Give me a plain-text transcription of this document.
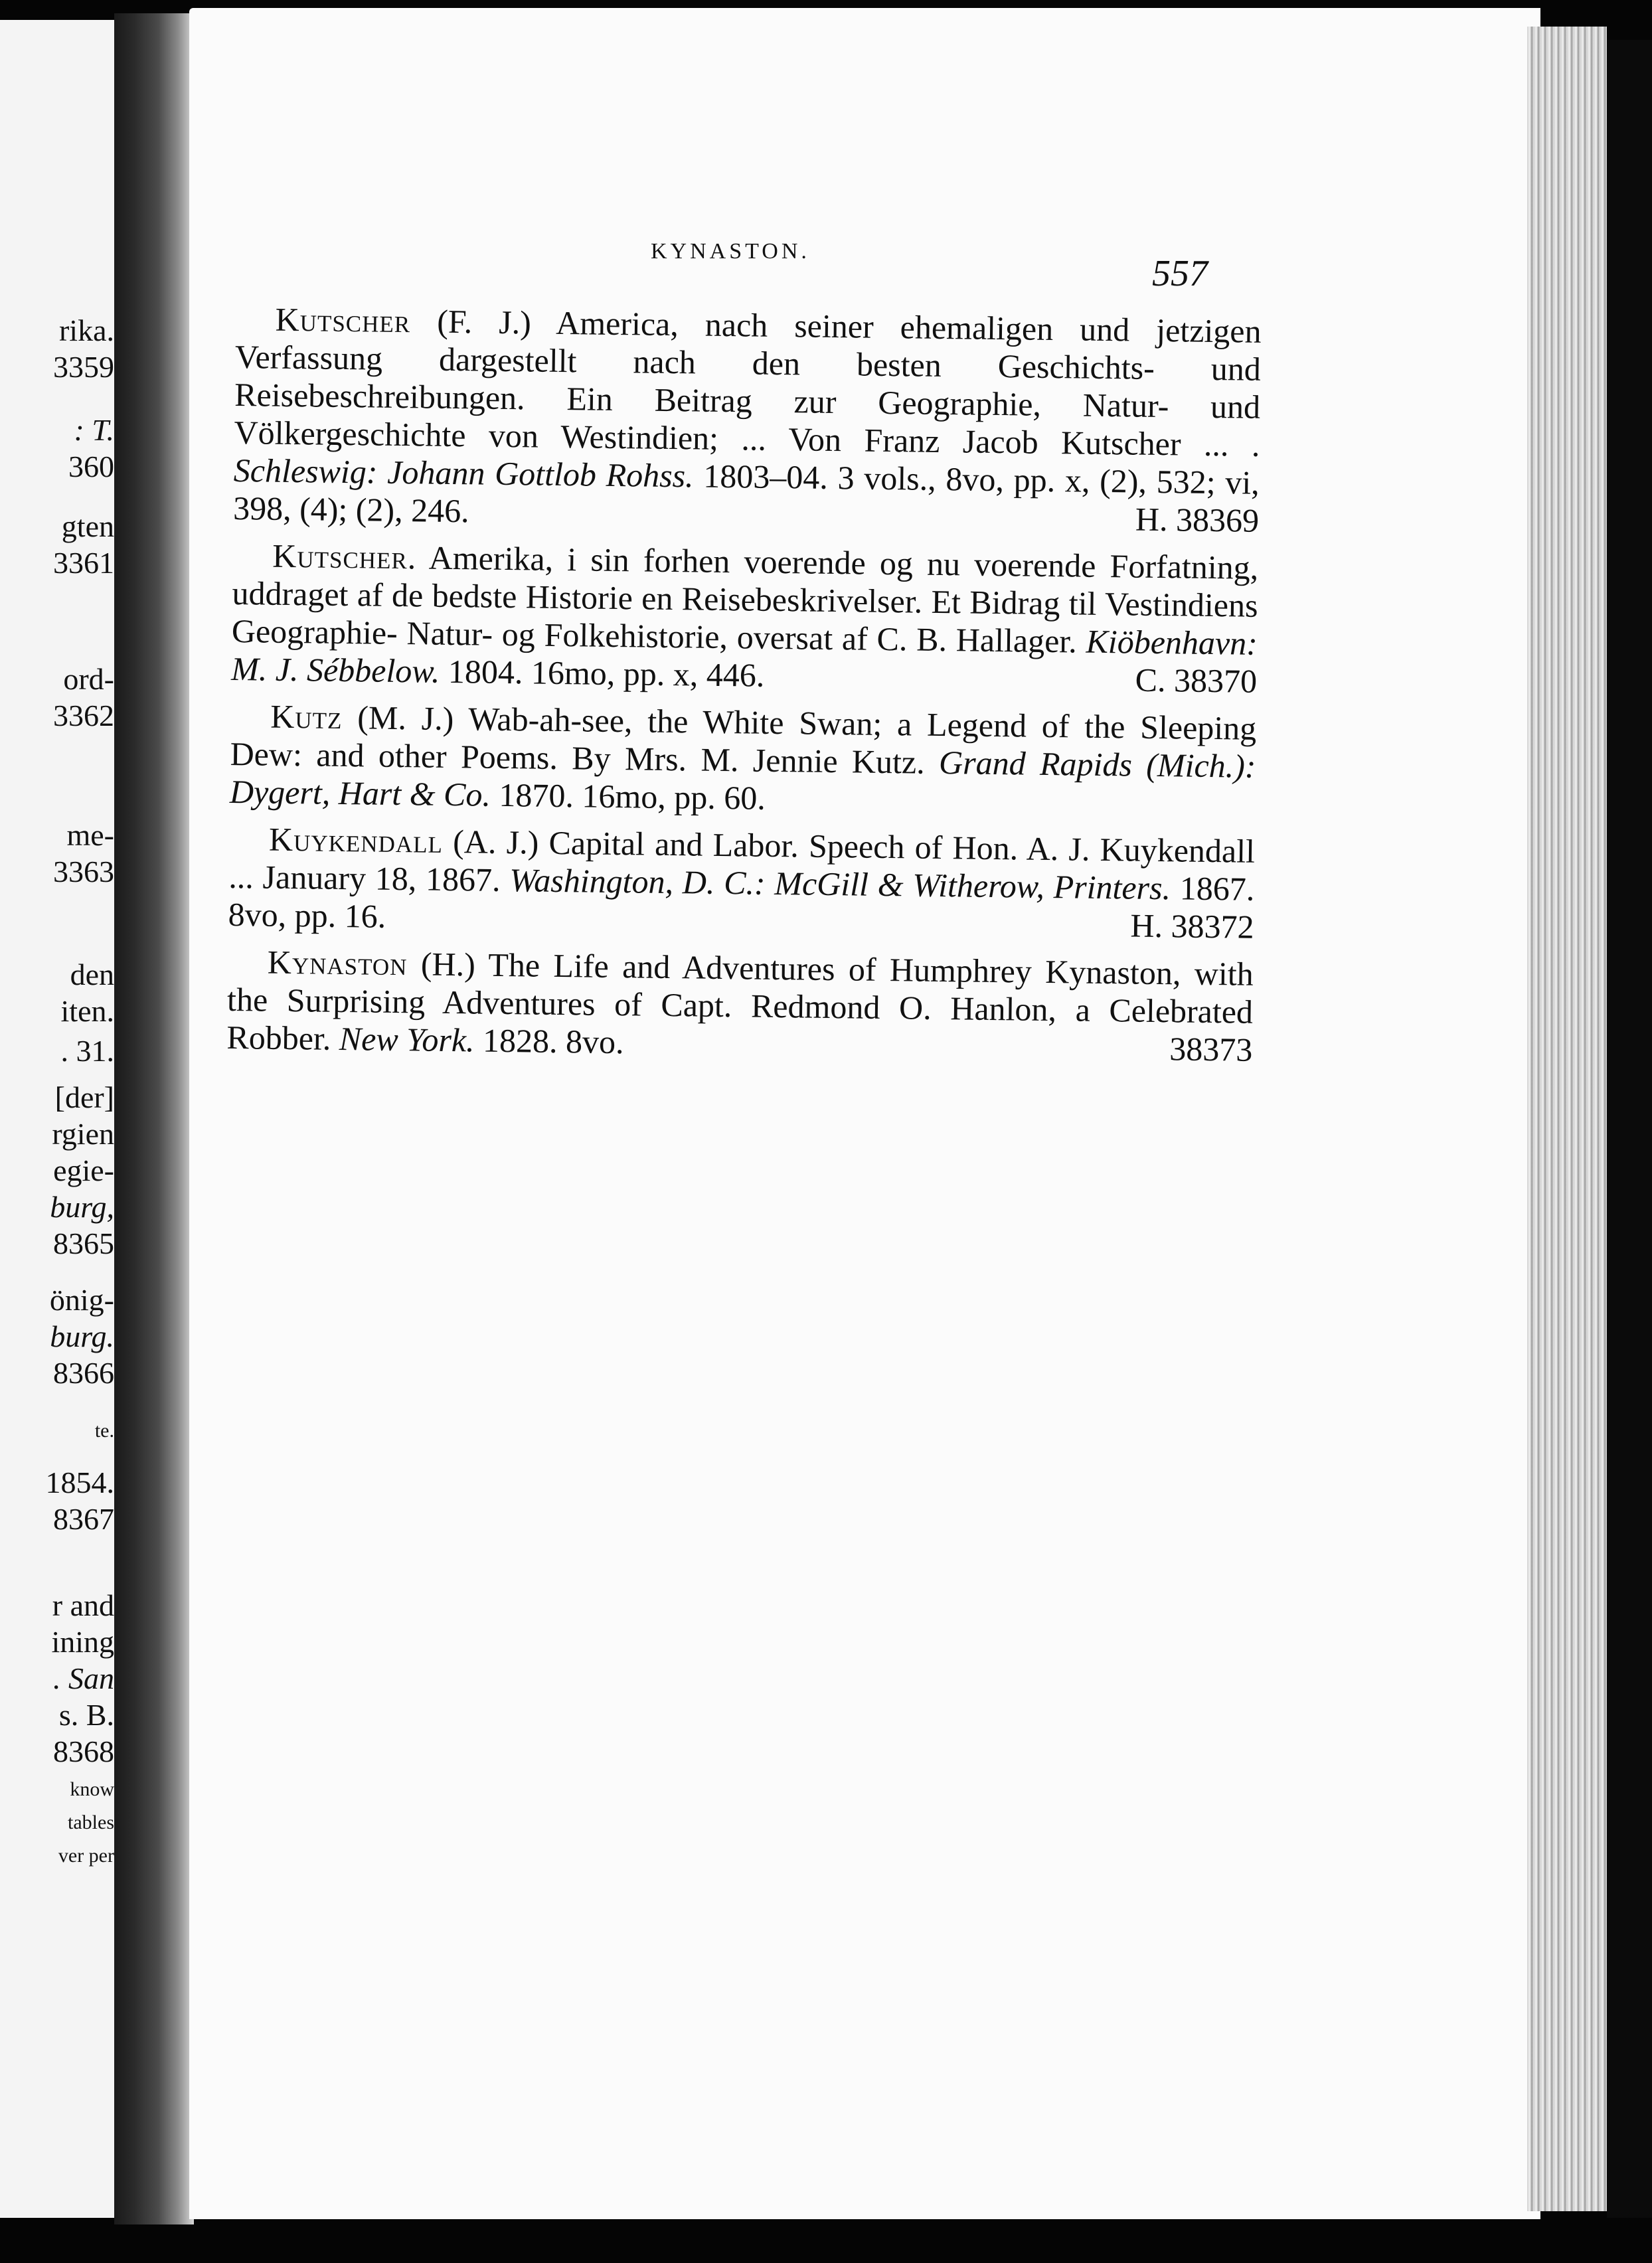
rika.
3359
: T.
360
gten
3361
ord-
3362
me-
3363
den
iten.
. 31.
[der]
rgien
egie-
burg,
8365
önig-
burg.
8366
te.
1854.
8367
r and
ining
. San
s. B.
8368
know
tables
ver per
KYNASTON.
557
Kutscher (F. J.) America, nach seiner ehemaligen und jetzigen Verfassung dargestellt nach den besten Geschichts- und Reisebeschreibungen. Ein Beitrag zur Geographie, Natur- und Völkergeschichte von Westindien; ... Von Franz Jacob Kutscher ... . Schleswig: Johann Gottlob Rohss. 1803–04. 3 vols., 8vo, pp. x, (2), 532; vi, 398, (4); (2), 246.	H. 38369
Kutscher. Amerika, i sin forhen voerende og nu voerende Forfatning, uddraget af de bedste Historie en Reisebeskrivelser. Et Bidrag til Vestindiens Geographie- Natur- og Folkehistorie, oversat af C. B. Hallager. Kiöbenhavn: M. J. Sébbelow. 1804. 16mo, pp. x, 446.	C. 38370
Kutz (M. J.) Wab-ah-see, the White Swan; a Legend of the Sleeping Dew: and other Poems. By Mrs. M. Jennie Kutz. Grand Rapids (Mich.): Dygert, Hart & Co. 1870. 16mo, pp. 60.
Kuykendall (A. J.) Capital and Labor. Speech of Hon. A. J. Kuykendall ... January 18, 1867. Washington, D. C.: McGill & Witherow, Printers. 1867. 8vo, pp. 16.	H. 38372
Kynaston (H.) The Life and Adventures of Humphrey Kynaston, with the Surprising Adventures of Capt. Redmond O. Hanlon, a Celebrated Robber. New York. 1828. 8vo.	38373
